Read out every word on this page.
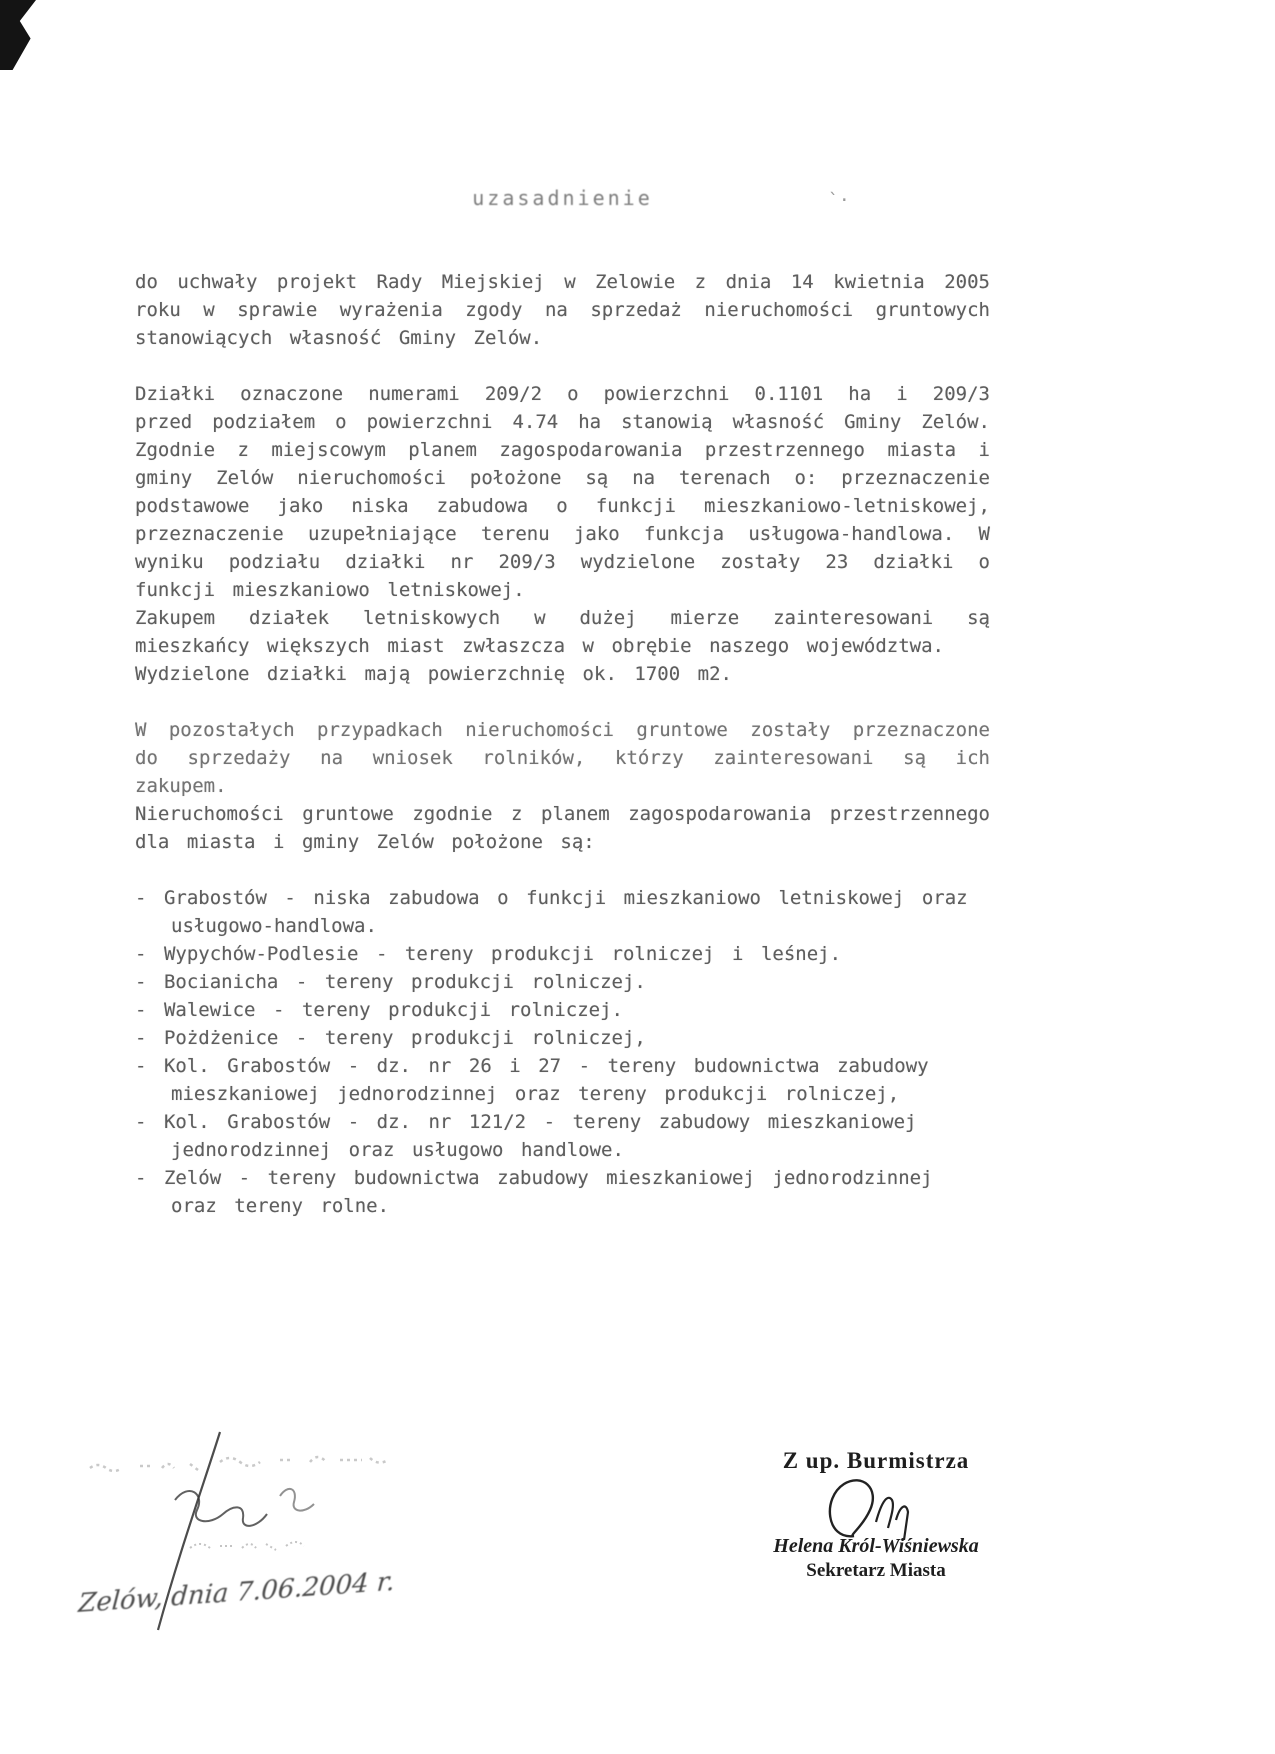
uzasadnienie	`·

do uchwały projekt Rady Miejskiej w Zelowie z dnia 14 kwietnia 2005 roku w sprawie wyrażenia zgody na sprzedaż nieruchomości gruntowych stanowiących własność Gminy Zelów.

Działki oznaczone numerami 209/2 o powierzchni 0.1101 ha i 209/3 przed podziałem o powierzchni 4.74 ha stanowią własność Gminy Zelów. Zgodnie z miejscowym planem zagospodarowania przestrzennego miasta i gminy Zelów nieruchomości położone są na terenach o: przeznaczenie podstawowe jako niska zabudowa o funkcji mieszkaniowo-letniskowej, przeznaczenie uzupełniające terenu jako funkcja usługowa-handlowa. W wyniku podziału działki nr 209/3 wydzielone zostały 23 działki o funkcji mieszkaniowo letniskowej.

Zakupem działek letniskowych w dużej mierze zainteresowani są mieszkańcy większych miast zwłaszcza w obrębie naszego województwa.

Wydzielone działki mają powierzchnię ok. 1700 m2.

W pozostałych przypadkach nieruchomości gruntowe zostały przeznaczone do sprzedaży na wniosek rolników, którzy zainteresowani są ich zakupem.

Nieruchomości gruntowe zgodnie z planem zagospodarowania przestrzennego dla miasta i gminy Zelów położone są:

- Grabostów - niska zabudowa o funkcji mieszkaniowo letniskowej oraz usługowo-handlowa.

- Wypychów-Podlesie - tereny produkcji rolniczej i leśnej.

- Bocianicha - tereny produkcji rolniczej.

- Walewice - tereny produkcji rolniczej.

- Pożdżenice - tereny produkcji rolniczej,

- Kol. Grabostów - dz. nr 26 i 27 - tereny budownictwa zabudowy mieszkaniowej jednorodzinnej oraz tereny produkcji rolniczej,

- Kol. Grabostów - dz. nr 121/2 - tereny zabudowy mieszkaniowej jednorodzinnej oraz usługowo handlowe.

- Zelów - tereny budownictwa zabudowy mieszkaniowej jednorodzinnej oraz tereny rolne.

Zelów, dnia 7.06.2004 r.
Z up. Burmistrza
Helena Król-Wiśniewska
Sekretarz Miasta
